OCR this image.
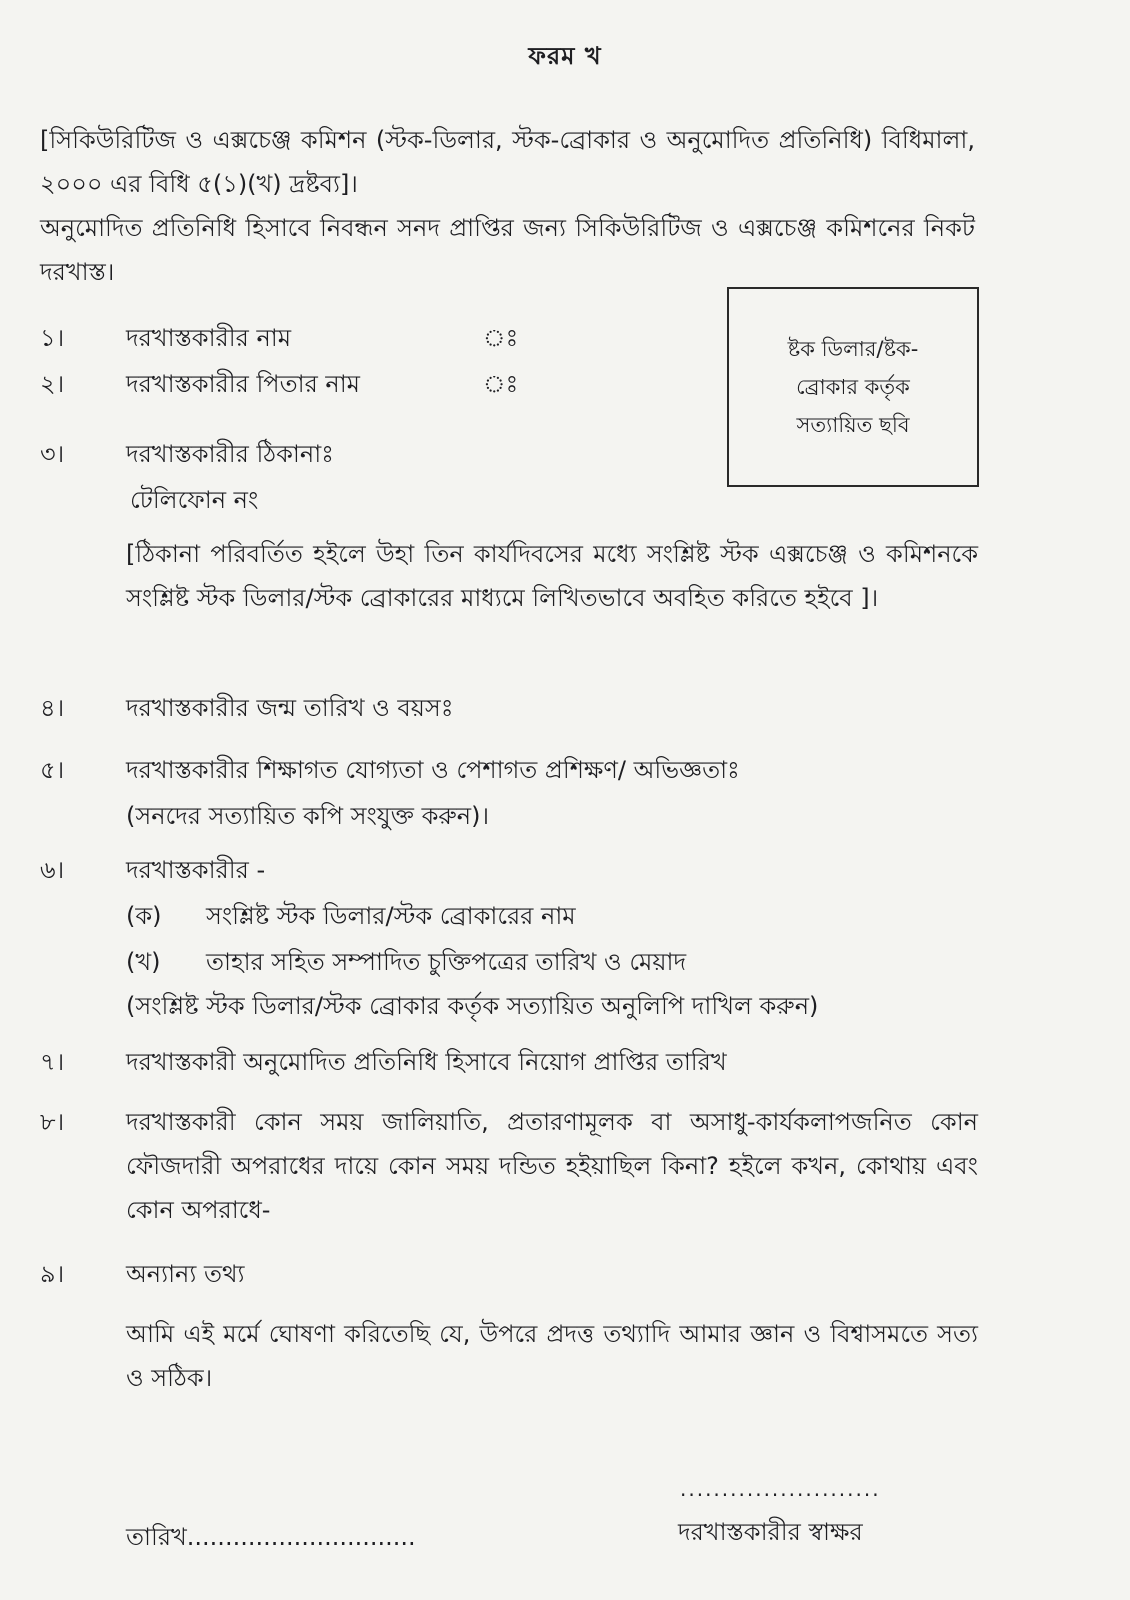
ফরম খ
[সিকিউরিটিজ ও এক্সচেঞ্জ কমিশন (স্টক-ডিলার, স্টক-ব্রোকার ও অনুমোদিত প্রতিনিধি) বিধিমালা, ২০০০ এর বিধি ৫(১)(খ) দ্রষ্টব্য]।
অনুমোদিত প্রতিনিধি হিসাবে নিবন্ধন সনদ প্রাপ্তির জন্য সিকিউরিটিজ ও এক্সচেঞ্জ কমিশনের নিকট দরখাস্ত।
ষ্টক ডিলার/ষ্টক-
ব্রোকার কর্তৃক
সত্যায়িত ছবি
১।	দরখাস্তকারীর নাম	ঃ
২।	দরখাস্তকারীর পিতার নাম	ঃ
৩।	দরখাস্তকারীর ঠিকানাঃ
টেলিফোন নং
[ঠিকানা পরিবর্তিত হইলে উহা তিন কার্যদিবসের মধ্যে সংশ্লিষ্ট স্টক এক্সচেঞ্জ ও কমিশনকে সংশ্লিষ্ট স্টক ডিলার/স্টক ব্রোকারের মাধ্যমে লিখিতভাবে অবহিত করিতে হইবে ]।
৪।	দরখাস্তকারীর জন্ম তারিখ ও বয়সঃ
৫।	দরখাস্তকারীর শিক্ষাগত যোগ্যতা ও পেশাগত প্রশিক্ষণ/ অভিজ্ঞতাঃ
(সনদের সত্যায়িত কপি সংযুক্ত করুন)।
৬।	দরখাস্তকারীর -
(ক) সংশ্লিষ্ট স্টক ডিলার/স্টক ব্রোকারের নাম
(খ) তাহার সহিত সম্পাদিত চুক্তিপত্রের তারিখ ও মেয়াদ
(সংশ্লিষ্ট স্টক ডিলার/স্টক ব্রোকার কর্তৃক সত্যায়িত অনুলিপি দাখিল করুন)
৭।	দরখাস্তকারী অনুমোদিত প্রতিনিধি হিসাবে নিয়োগ প্রাপ্তির তারিখ
৮।	দরখাস্তকারী কোন সময় জালিয়াতি, প্রতারণামূলক বা অসাধু-কার্যকলাপজনিত কোন ফৌজদারী অপরাধের দায়ে কোন সময় দন্ডিত হইয়াছিল কিনা? হইলে কখন, কোথায় এবং কোন অপরাধে-
৯।	অন্যান্য তথ্য
আমি এই মর্মে ঘোষণা করিতেছি যে, উপরে প্রদত্ত তথ্যাদি আমার জ্ঞান ও বিশ্বাসমতে সত্য ও সঠিক।
........................
তারিখ..............................	দরখাস্তকারীর স্বাক্ষর
